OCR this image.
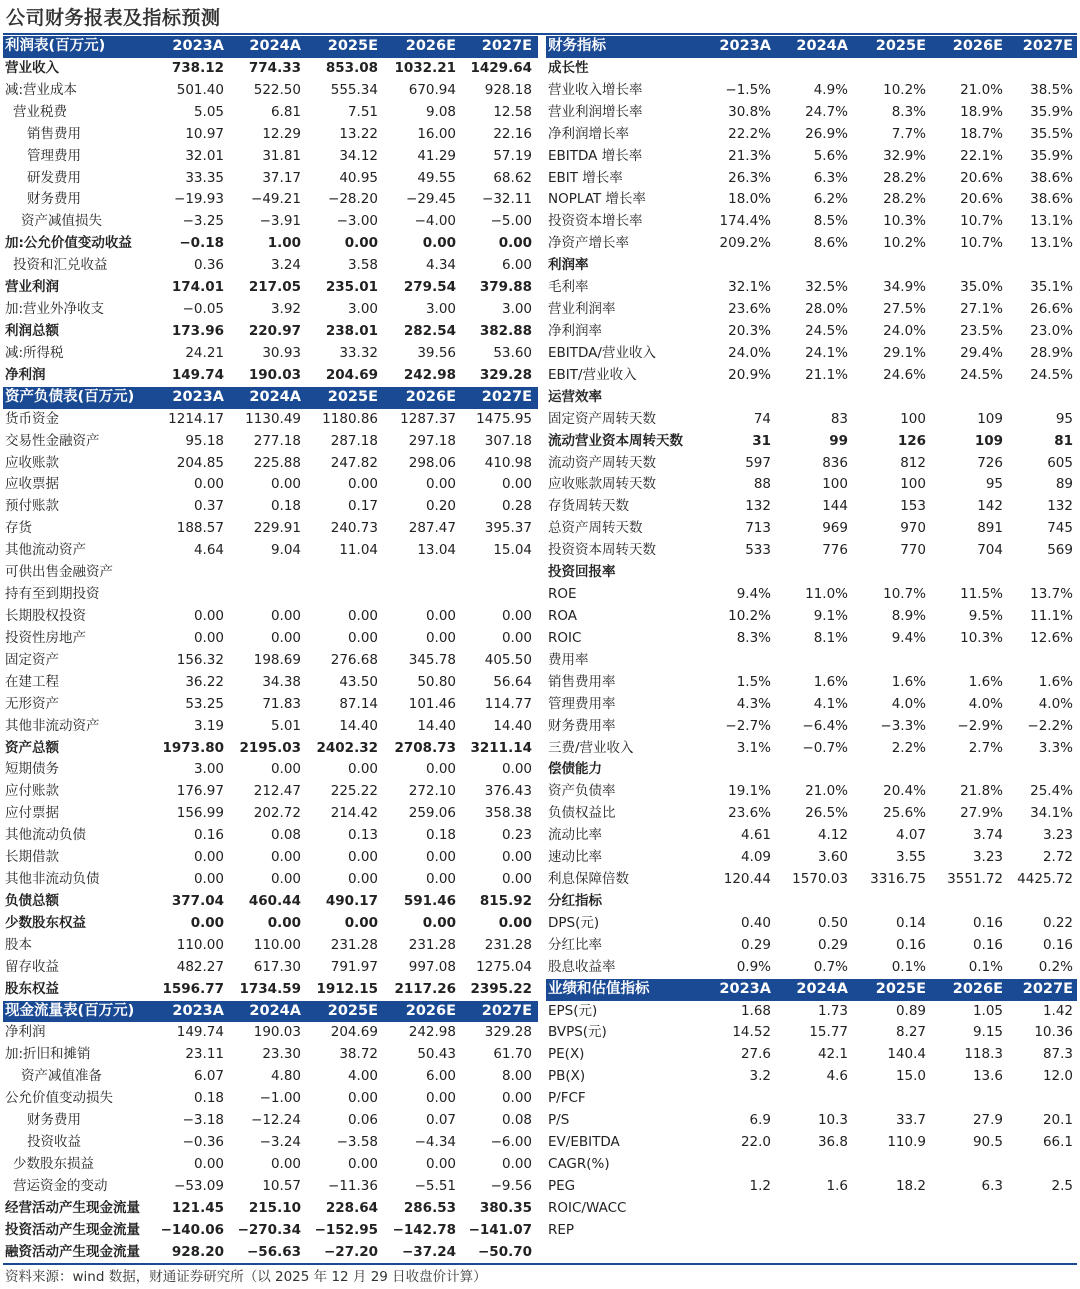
公司财务报表及指标预测
利润表(百万元)	2023A	2024A	2025E	2026E	2027E
营业收入	738.12	774.33	853.08	1032.21	1429.64
减:营业成本	501.40	522.50	555.34	670.94	928.18
营业税费	5.05	6.81	7.51	9.08	12.58
销售费用	10.97	12.29	13.22	16.00	22.16
管理费用	32.01	31.81	34.12	41.29	57.19
研发费用	33.35	37.17	40.95	49.55	68.62
财务费用	−19.93	−49.21	−28.20	−29.45	−32.11
资产减值损失	−3.25	−3.91	−3.00	−4.00	−5.00
加:公允价值变动收益	−0.18	1.00	0.00	0.00	0.00
投资和汇兑收益	0.36	3.24	3.58	4.34	6.00
营业利润	174.01	217.05	235.01	279.54	379.88
加:营业外净收支	−0.05	3.92	3.00	3.00	3.00
利润总额	173.96	220.97	238.01	282.54	382.88
减:所得税	24.21	30.93	33.32	39.56	53.60
净利润	149.74	190.03	204.69	242.98	329.28
资产负债表(百万元)	2023A	2024A	2025E	2026E	2027E
货币资金	1214.17	1130.49	1180.86	1287.37	1475.95
交易性金融资产	95.18	277.18	287.18	297.18	307.18
应收账款	204.85	225.88	247.82	298.06	410.98
应收票据	0.00	0.00	0.00	0.00	0.00
预付账款	0.37	0.18	0.17	0.20	0.28
存货	188.57	229.91	240.73	287.47	395.37
其他流动资产	4.64	9.04	11.04	13.04	15.04
可供出售金融资产					
持有至到期投资					
长期股权投资	0.00	0.00	0.00	0.00	0.00
投资性房地产	0.00	0.00	0.00	0.00	0.00
固定资产	156.32	198.69	276.68	345.78	405.50
在建工程	36.22	34.38	43.50	50.80	56.64
无形资产	53.25	71.83	87.14	101.46	114.77
其他非流动资产	3.19	5.01	14.40	14.40	14.40
资产总额	1973.80	2195.03	2402.32	2708.73	3211.14
短期债务	3.00	0.00	0.00	0.00	0.00
应付账款	176.97	212.47	225.22	272.10	376.43
应付票据	156.99	202.72	214.42	259.06	358.38
其他流动负债	0.16	0.08	0.13	0.18	0.23
长期借款	0.00	0.00	0.00	0.00	0.00
其他非流动负债	0.00	0.00	0.00	0.00	0.00
负债总额	377.04	460.44	490.17	591.46	815.92
少数股东权益	0.00	0.00	0.00	0.00	0.00
股本	110.00	110.00	231.28	231.28	231.28
留存收益	482.27	617.30	791.97	997.08	1275.04
股东权益	1596.77	1734.59	1912.15	2117.26	2395.22
现金流量表(百万元)	2023A	2024A	2025E	2026E	2027E
净利润	149.74	190.03	204.69	242.98	329.28
加:折旧和摊销	23.11	23.30	38.72	50.43	61.70
资产减值准备	6.07	4.80	4.00	6.00	8.00
公允价值变动损失	0.18	−1.00	0.00	0.00	0.00
财务费用	−3.18	−12.24	0.06	0.07	0.08
投资收益	−0.36	−3.24	−3.58	−4.34	−6.00
少数股东损益	0.00	0.00	0.00	0.00	0.00
营运资金的变动	−53.09	10.57	−11.36	−5.51	−9.56
经营活动产生现金流量	121.45	215.10	228.64	286.53	380.35
投资活动产生现金流量	−140.06	−270.34	−152.95	−142.78	−141.07
融资活动产生现金流量	928.20	−56.63	−27.20	−37.24	−50.70
财务指标	2023A	2024A	2025E	2026E	2027E
成长性					
营业收入增长率	−1.5%	4.9%	10.2%	21.0%	38.5%
营业利润增长率	30.8%	24.7%	8.3%	18.9%	35.9%
净利润增长率	22.2%	26.9%	7.7%	18.7%	35.5%
EBITDA 增长率	21.3%	5.6%	32.9%	22.1%	35.9%
EBIT 增长率	26.3%	6.3%	28.2%	20.6%	38.6%
NOPLAT 增长率	18.0%	6.2%	28.2%	20.6%	38.6%
投资资本增长率	174.4%	8.5%	10.3%	10.7%	13.1%
净资产增长率	209.2%	8.6%	10.2%	10.7%	13.1%
利润率					
毛利率	32.1%	32.5%	34.9%	35.0%	35.1%
营业利润率	23.6%	28.0%	27.5%	27.1%	26.6%
净利润率	20.3%	24.5%	24.0%	23.5%	23.0%
EBITDA/营业收入	24.0%	24.1%	29.1%	29.4%	28.9%
EBIT/营业收入	20.9%	21.1%	24.6%	24.5%	24.5%
运营效率					
固定资产周转天数	74	83	100	109	95
流动营业资本周转天数	31	99	126	109	81
流动资产周转天数	597	836	812	726	605
应收账款周转天数	88	100	100	95	89
存货周转天数	132	144	153	142	132
总资产周转天数	713	969	970	891	745
投资资本周转天数	533	776	770	704	569
投资回报率					
ROE	9.4%	11.0%	10.7%	11.5%	13.7%
ROA	10.2%	9.1%	8.9%	9.5%	11.1%
ROIC	8.3%	8.1%	9.4%	10.3%	12.6%
费用率					
销售费用率	1.5%	1.6%	1.6%	1.6%	1.6%
管理费用率	4.3%	4.1%	4.0%	4.0%	4.0%
财务费用率	−2.7%	−6.4%	−3.3%	−2.9%	−2.2%
三费/营业收入	3.1%	−0.7%	2.2%	2.7%	3.3%
偿债能力					
资产负债率	19.1%	21.0%	20.4%	21.8%	25.4%
负债权益比	23.6%	26.5%	25.6%	27.9%	34.1%
流动比率	4.61	4.12	4.07	3.74	3.23
速动比率	4.09	3.60	3.55	3.23	2.72
利息保障倍数	120.44	1570.03	3316.75	3551.72	4425.72
分红指标					
DPS(元)	0.40	0.50	0.14	0.16	0.22
分红比率	0.29	0.29	0.16	0.16	0.16
股息收益率	0.9%	0.7%	0.1%	0.1%	0.2%
业绩和估值指标	2023A	2024A	2025E	2026E	2027E
EPS(元)	1.68	1.73	0.89	1.05	1.42
BVPS(元)	14.52	15.77	8.27	9.15	10.36
PE(X)	27.6	42.1	140.4	118.3	87.3
PB(X)	3.2	4.6	15.0	13.6	12.0
P/FCF					
P/S	6.9	10.3	33.7	27.9	20.1
EV/EBITDA	22.0	36.8	110.9	90.5	66.1
CAGR(%)					
PEG	1.2	1.6	18.2	6.3	2.5
ROIC/WACC					
REP					
资料来源：wind 数据，财通证券研究所（以 2025 年 12 月 29 日收盘价计算）
